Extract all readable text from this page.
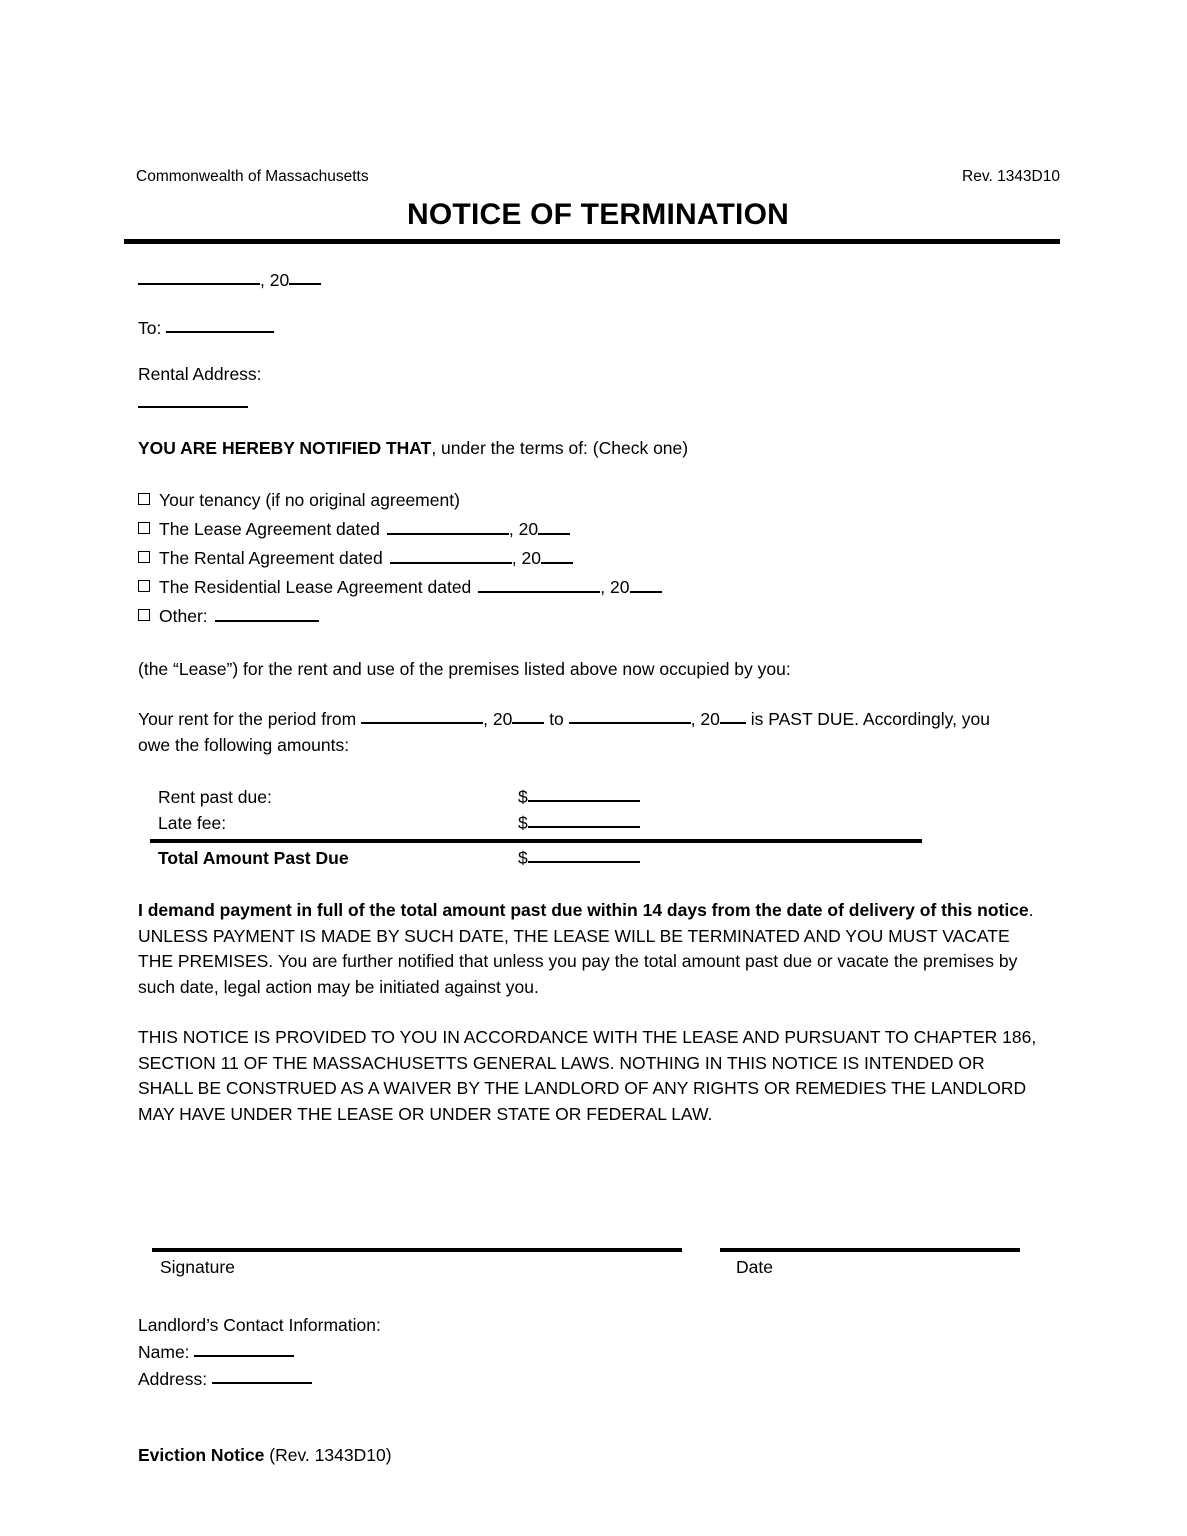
Commonwealth of Massachusetts	Rev. 1343D10
NOTICE OF TERMINATION
, 20
To:
Rental Address:
YOU ARE HEREBY NOTIFIED THAT, under the terms of: (Check one)
Your tenancy (if no original agreement)
The Lease Agreement dated	, 20
The Rental Agreement dated	, 20
The Residential Lease Agreement dated	, 20
Other:
(the “Lease”) for the rent and use of the premises listed above now occupied by you:
Your rent for the period from	, 20 to	, 20 is PAST DUE. Accordingly, you
owe the following amounts:
Rent past due:	$
Late fee:	$
Total Amount Past Due	$
I demand payment in full of the total amount past due within 14 days from the date of delivery of this notice. UNLESS PAYMENT IS MADE BY SUCH DATE, THE LEASE WILL BE TERMINATED AND YOU MUST VACATE THE PREMISES. You are further notified that unless you pay the total amount past due or vacate the premises by such date, legal action may be initiated against you.
THIS NOTICE IS PROVIDED TO YOU IN ACCORDANCE WITH THE LEASE AND PURSUANT TO CHAPTER 186, SECTION 11 OF THE MASSACHUSETTS GENERAL LAWS. NOTHING IN THIS NOTICE IS INTENDED OR SHALL BE CONSTRUED AS A WAIVER BY THE LANDLORD OF ANY RIGHTS OR REMEDIES THE LANDLORD MAY HAVE UNDER THE LEASE OR UNDER STATE OR FEDERAL LAW.
Signature	Date
Landlord’s Contact Information:
Name:
Address:
Eviction Notice (Rev. 1343D10)
